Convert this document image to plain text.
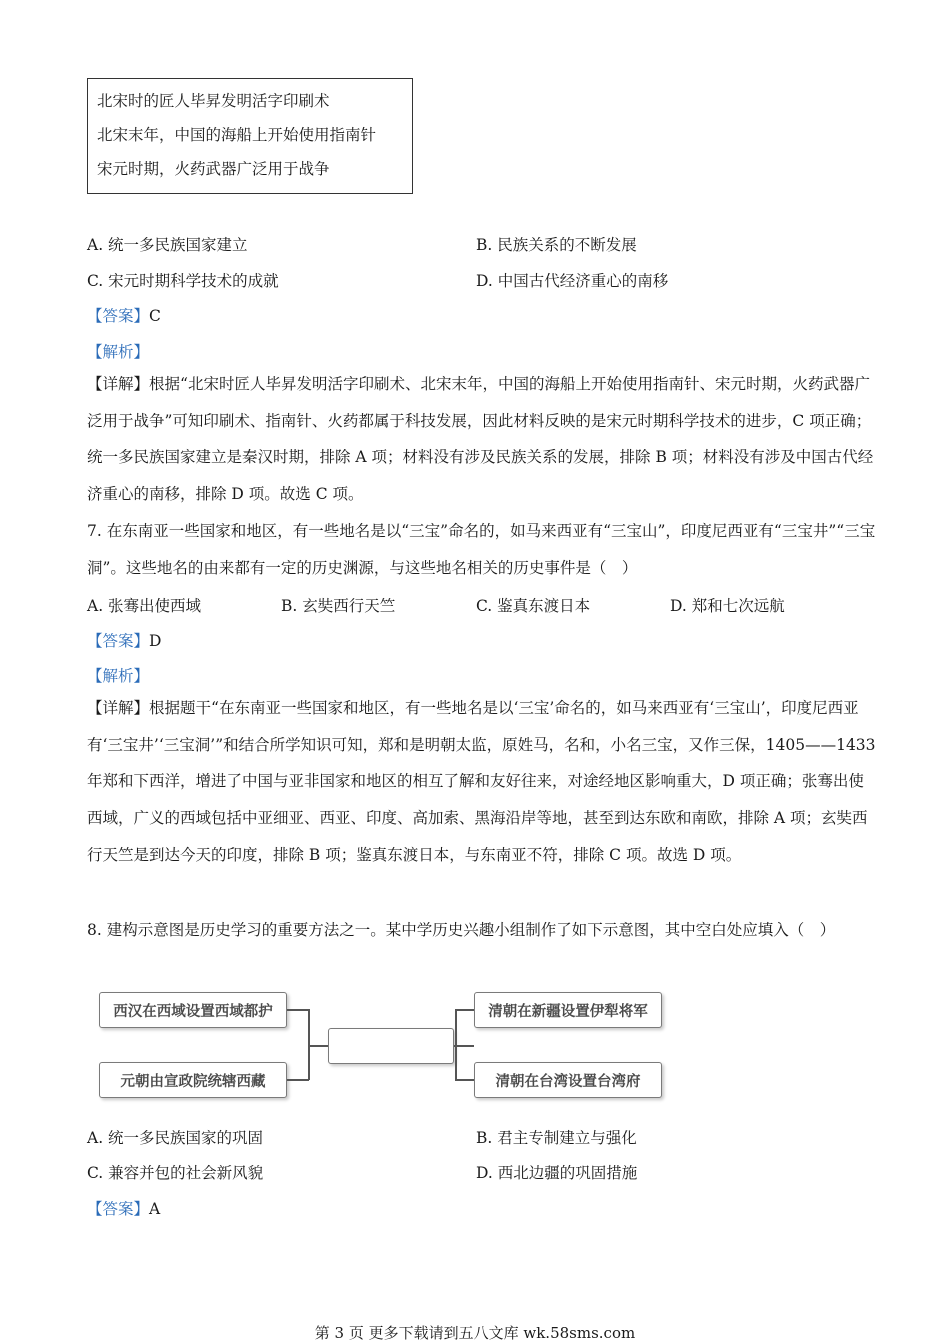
北宋时的匠人毕昇发明活字印刷术
北宋末年，中国的海船上开始使用指南针
宋元时期，火药武器广泛用于战争
A. 统一多民族国家建立	B. 民族关系的不断发展
C. 宋元时期科学技术的成就	D. 中国古代经济重心的南移
【答案】C
【解析】
【详解】根据“北宋时匠人毕昇发明活字印刷术、北宋末年，中国的海船上开始使用指南针、宋元时期，火药武器广泛用于战争”可知印刷术、指南针、火药都属于科技发展，因此材料反映的是宋元时期科学技术的进步，C 项正确；统一多民族国家建立是秦汉时期，排除 A 项；材料没有涉及民族关系的发展，排除 B 项；材料没有涉及中国古代经济重心的南移，排除 D 项。故选 C 项。
7. 在东南亚一些国家和地区，有一些地名是以“三宝”命名的，如马来西亚有“三宝山”，印度尼西亚有“三宝井”“三宝洞”。这些地名的由来都有一定的历史渊源，与这些地名相关的历史事件是（　）
A. 张骞出使西域	B. 玄奘西行天竺	C. 鉴真东渡日本	D. 郑和七次远航
【答案】D
【解析】
【详解】根据题干“在东南亚一些国家和地区，有一些地名是以‘三宝’命名的，如马来西亚有‘三宝山’，印度尼西亚有‘三宝井’‘三宝洞’”和结合所学知识可知，郑和是明朝太监，原姓马，名和，小名三宝，又作三保，1405——1433 年郑和下西洋，增进了中国与亚非国家和地区的相互了解和友好往来，对途经地区影响重大，D 项正确；张骞出使西域，广义的西域包括中亚细亚、西亚、印度、高加索、黑海沿岸等地，甚至到达东欧和南欧，排除 A 项；玄奘西行天竺是到达今天的印度，排除 B 项；鉴真东渡日本，与东南亚不符，排除 C 项。故选 D 项。
8. 建构示意图是历史学习的重要方法之一。某中学历史兴趣小组制作了如下示意图，其中空白处应填入（　）
西汉在西域设置西域都护
元朝由宣政院统辖西藏
清朝在新疆设置伊犁将军
清朝在台湾设置台湾府
A. 统一多民族国家的巩固	B. 君主专制建立与强化
C. 兼容并包的社会新风貌	D. 西北边疆的巩固措施
【答案】A
第 3 页 更多下载请到五八文库 wk.58sms.com
